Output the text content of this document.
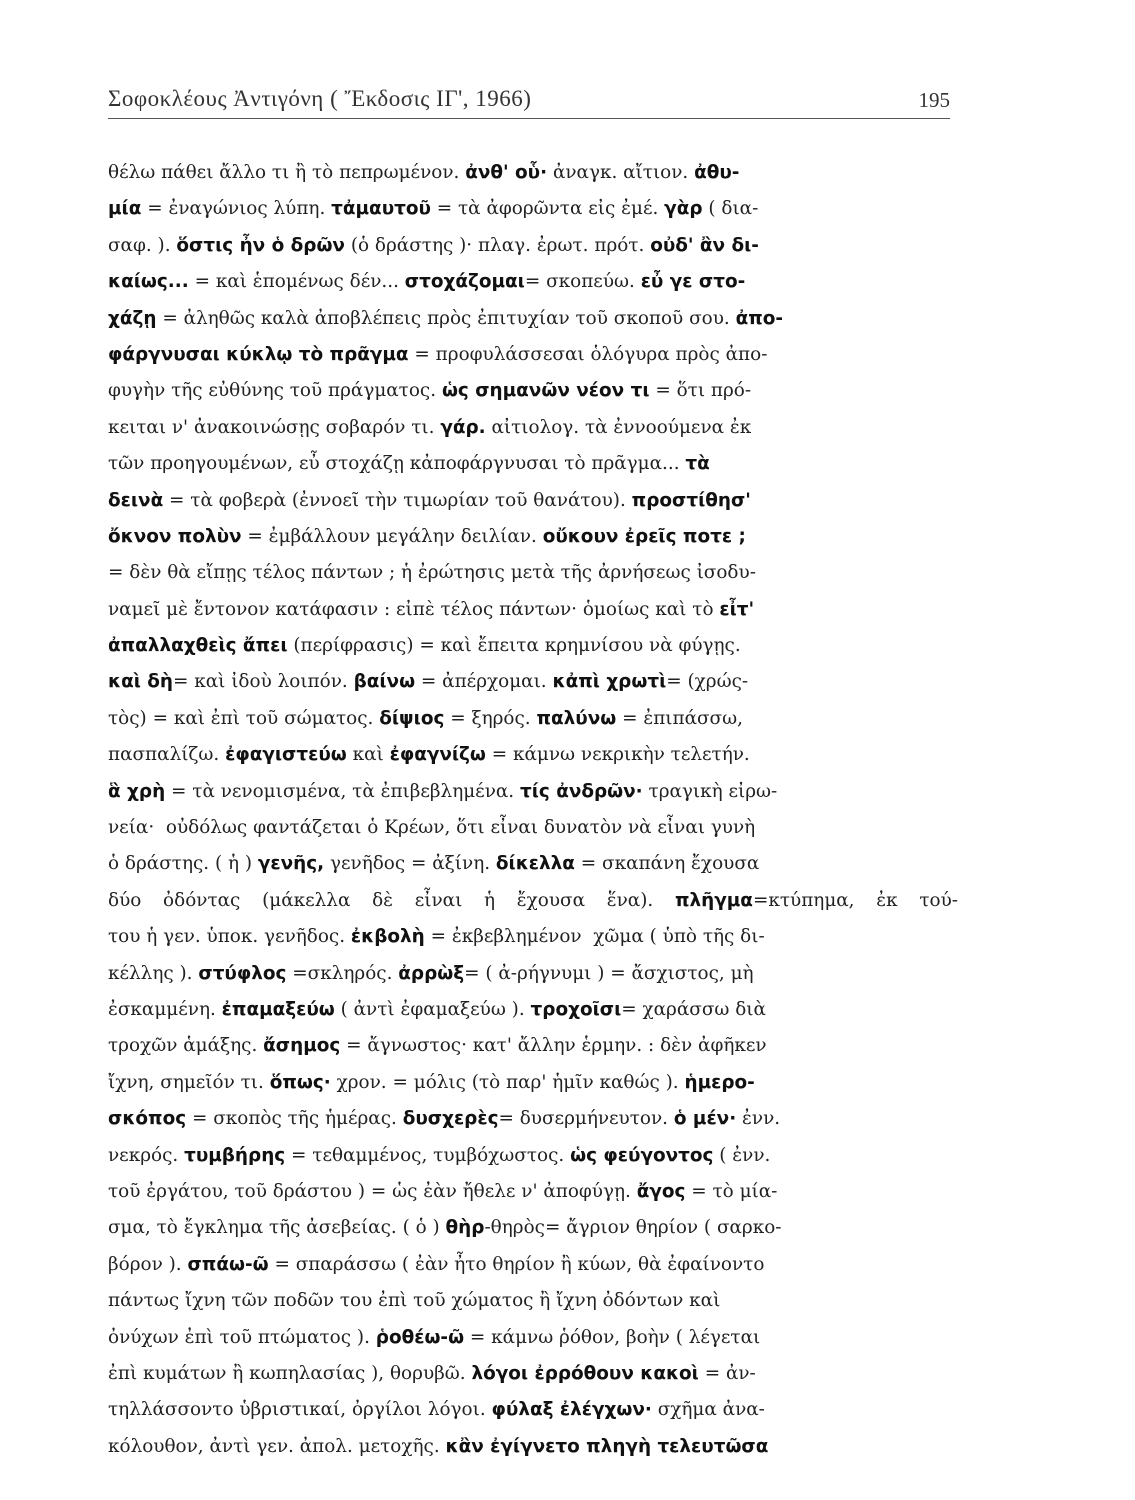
Σοφοκλέους Ἀντιγόνη ( Ἔκδοσις ΙΓ', 1966)	195
θέλω πάθει ἄλλο τι ἢ τὸ πεπρωμένον. ἀνθ' οὗ· ἀναγκ. αἴτιον. ἀθυ-
μία = ἐναγώνιος λύπη. τἀμαυτοῦ = τὰ ἀφορῶντα εἰς ἐμέ. γὰρ ( δια-
σαφ. ). ὅστις ἦν ὁ δρῶν (ὁ δράστης )· πλαγ. ἐρωτ. πρότ. οὐδ' ἂν δι-
καίως... = καὶ ἑπομένως δέν... στοχάζομαι= σκοπεύω. εὖ γε στο-
χάζῃ = ἀληθῶς καλὰ ἀποβλέπεις πρὸς ἐπιτυχίαν τοῦ σκοποῦ σου. ἀπο-
φάργνυσαι κύκλῳ τὸ πρᾶγμα = προφυλάσσεσαι ὁλόγυρα πρὸς ἀπο-
φυγὴν τῆς εὐθύνης τοῦ πράγματος. ὡς σημανῶν νέον τι = ὅτι πρό-
κειται ν' ἀνακοινώσῃς σοβαρόν τι. γάρ. αἰτιολογ. τὰ ἐννοούμενα ἐκ
τῶν προηγουμένων, εὖ στοχάζῃ κἀποφάργνυσαι τὸ πρᾶγμα... τὰ
δεινὰ = τὰ φοβερὰ (ἐννοεῖ τὴν τιμωρίαν τοῦ θανάτου). προστίθησ'
ὄκνον πολὺν = ἐμβάλλουν μεγάλην δειλίαν. οὔκουν ἐρεῖς ποτε ;
= δὲν θὰ εἴπῃς τέλος πάντων ; ἡ ἐρώτησις μετὰ τῆς ἀρνήσεως ἰσοδυ-
ναμεῖ μὲ ἔντονον κατάφασιν : εἰπὲ τέλος πάντων· ὁμοίως καὶ τὸ εἶτ'
ἀπαλλαχθεὶς ἄπει (περίφρασις) = καὶ ἔπειτα κρημνίσου νὰ φύγῃς.
καὶ δὴ= καὶ ἰδοὺ λοιπόν. βαίνω = ἀπέρχομαι. κἀπὶ χρωτὶ= (χρώς-
τὸς) = καὶ ἐπὶ τοῦ σώματος. δίψιος = ξηρός. παλύνω = ἐπιπάσσω,
πασπαλίζω. ἐφαγιστεύω καὶ ἐφαγνίζω = κάμνω νεκρικὴν τελετήν.
ἃ χρὴ = τὰ νενομισμένα, τὰ ἐπιβεβλημένα. τίς ἀνδρῶν· τραγικὴ εἰρω-
νεία·  οὐδόλως φαντάζεται ὁ Κρέων, ὅτι εἶναι δυνατὸν νὰ εἶναι γυνὴ
ὁ δράστης. ( ἡ ) γενῆς, γενῆδος = ἀξίνη. δίκελλα = σκαπάνη ἔχουσα
δύο ὀδόντας (μάκελλα δὲ εἶναι ἡ ἔχουσα ἕνα). πλῆγμα=κτύπημα, ἐκ τού-
του ἡ γεν. ὑποκ. γενῆδος. ἐκβολὴ = ἐκβεβλημένον  χῶμα ( ὑπὸ τῆς δι-
κέλλης ). στύφλος =σκληρός. ἀρρὼξ= ( ἀ-ρήγνυμι ) = ἄσχιστος, μὴ
ἐσκαμμένη. ἐπαμαξεύω ( ἀντὶ ἐφαμαξεύω ). τροχοῖσι= χαράσσω διὰ
τροχῶν ἁμάξης. ἄσημος = ἄγνωστος· κατ' ἄλλην ἑρμην. : δὲν ἀφῆκεν
ἴχνη, σημεῖόν τι. ὅπως· χρον. = μόλις (τὸ παρ' ἡμῖν καθώς ). ἡμερο-
σκόπος = σκοπὸς τῆς ἡμέρας. δυσχερὲς= δυσερμήνευτον. ὁ μέν· ἐνν.
νεκρός. τυμβήρης = τεθαμμένος, τυμβόχωστος. ὡς φεύγοντος ( ἐνν.
τοῦ ἐργάτου, τοῦ δράστου ) = ὡς ἐὰν ἤθελε ν' ἀποφύγῃ. ἄγος = τὸ μία-
σμα, τὸ ἔγκλημα τῆς ἀσεβείας. ( ὁ ) θὴρ-θηρὸς= ἄγριον θηρίον ( σαρκο-
βόρον ). σπάω-ῶ = σπαράσσω ( ἐὰν ἦτο θηρίον ἢ κύων, θὰ ἐφαίνοντο
πάντως ἴχνη τῶν ποδῶν του ἐπὶ τοῦ χώματος ἢ ἴχνη ὀδόντων καὶ
ὀνύχων ἐπὶ τοῦ πτώματος ). ῥοθέω-ῶ = κάμνω ῥόθον, βοὴν ( λέγεται
ἐπὶ κυμάτων ἢ κωπηλασίας ), θορυβῶ. λόγοι ἐρρόθουν κακοὶ = ἀν-
τηλλάσσοντο ὑβριστικαί, ὀργίλοι λόγοι. φύλαξ ἐλέγχων· σχῆμα ἀνα-
κόλουθον, ἀντὶ γεν. ἀπολ. μετοχῆς. κἂν ἐγίγνετο πληγὴ τελευτῶσα
